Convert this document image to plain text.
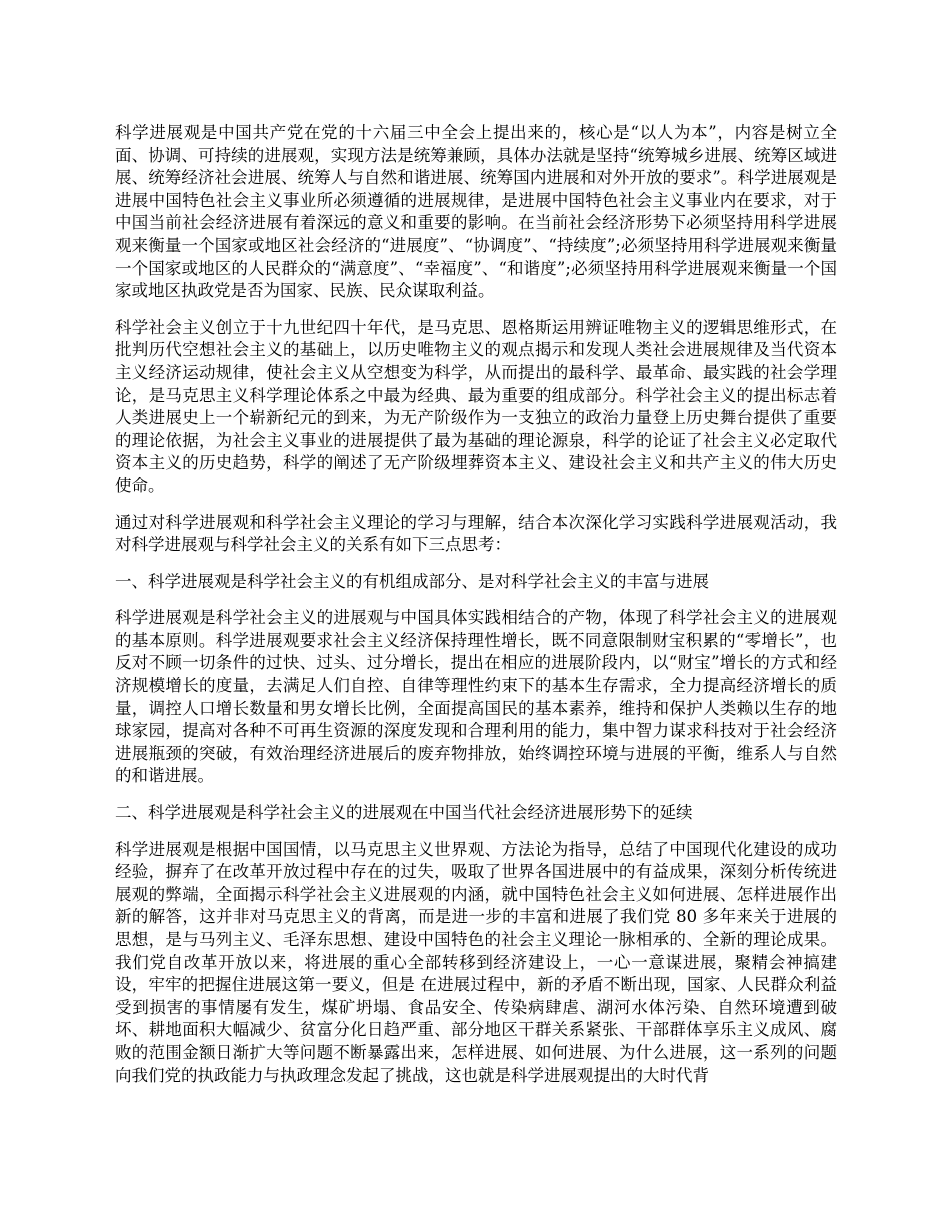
科学进展观是中国共产党在党的十六届三中全会上提出来的，核心是“以人为本”，内容是树立全面、协调、可持续的进展观，实现方法是统筹兼顾，具体办法就是坚持“统筹城乡进展、统筹区域进展、统筹经济社会进展、统筹人与自然和谐进展、统筹国内进展和对外开放的要求”。科学进展观是进展中国特色社会主义事业所必须遵循的进展规律，是进展中国特色社会主义事业内在要求，对于中国当前社会经济进展有着深远的意义和重要的影响。在当前社会经济形势下必须坚持用科学进展观来衡量一个国家或地区社会经济的“进展度”、“协调度”、“持续度”;必须坚持用科学进展观来衡量一个国家或地区的人民群众的“满意度”、“幸福度”、“和谐度”;必须坚持用科学进展观来衡量一个国家或地区执政党是否为国家、民族、民众谋取利益。

科学社会主义创立于十九世纪四十年代，是马克思、恩格斯运用辨证唯物主义的逻辑思维形式，在批判历代空想社会主义的基础上，以历史唯物主义的观点揭示和发现人类社会进展规律及当代资本主义经济运动规律，使社会主义从空想变为科学，从而提出的最科学、最革命、最实践的社会学理论，是马克思主义科学理论体系之中最为经典、最为重要的组成部分。科学社会主义的提出标志着人类进展史上一个崭新纪元的到来，为无产阶级作为一支独立的政治力量登上历史舞台提供了重要的理论依据，为社会主义事业的进展提供了最为基础的理论源泉，科学的论证了社会主义必定取代资本主义的历史趋势，科学的阐述了无产阶级埋葬资本主义、建设社会主义和共产主义的伟大历史使命。

通过对科学进展观和科学社会主义理论的学习与理解，结合本次深化学习实践科学进展观活动，我对科学进展观与科学社会主义的关系有如下三点思考：

一、科学进展观是科学社会主义的有机组成部分、是对科学社会主义的丰富与进展

科学进展观是科学社会主义的进展观与中国具体实践相结合的产物，体现了科学社会主义的进展观的基本原则。科学进展观要求社会主义经济保持理性增长，既不同意限制财宝积累的“零增长”，也反对不顾一切条件的过快、过头、过分增长，提出在相应的进展阶段内，以“财宝”增长的方式和经济规模增长的度量，去满足人们自控、自律等理性约束下的基本生存需求，全力提高经济增长的质量，调控人口增长数量和男女增长比例，全面提高国民的基本素养，维持和保护人类赖以生存的地球家园，提高对各种不可再生资源的深度发现和合理利用的能力，集中智力谋求科技对于社会经济进展瓶颈的突破，有效治理经济进展后的废弃物排放，始终调控环境与进展的平衡，维系人与自然的和谐进展。

二、科学进展观是科学社会主义的进展观在中国当代社会经济进展形势下的延续

科学进展观是根据中国国情，以马克思主义世界观、方法论为指导，总结了中国现代化建设的成功经验，摒弃了在改革开放过程中存在的过失，吸取了世界各国进展中的有益成果，深刻分析传统进展观的弊端，全面揭示科学社会主义进展观的内涵，就中国特色社会主义如何进展、怎样进展作出新的解答，这并非对马克思主义的背离，而是进一步的丰富和进展了我们党 80 多年来关于进展的思想，是与马列主义、毛泽东思想、建设中国特色的社会主义理论一脉相承的、全新的理论成果。我们党自改革开放以来，将进展的重心全部转移到经济建设上，一心一意谋进展，聚精会神搞建设，牢牢的把握住进展这第一要义，但是 在进展过程中，新的矛盾不断出现，国家、人民群众利益受到损害的事情屡有发生，煤矿坍塌、食品安全、传染病肆虐、湖河水体污染、自然环境遭到破坏、耕地面积大幅减少、贫富分化日趋严重、部分地区干群关系紧张、干部群体享乐主义成风、腐败的范围金额日渐扩大等问题不断暴露出来，怎样进展、如何进展、为什么进展，这一系列的问题向我们党的执政能力与执政理念发起了挑战，这也就是科学进展观提出的大时代背
